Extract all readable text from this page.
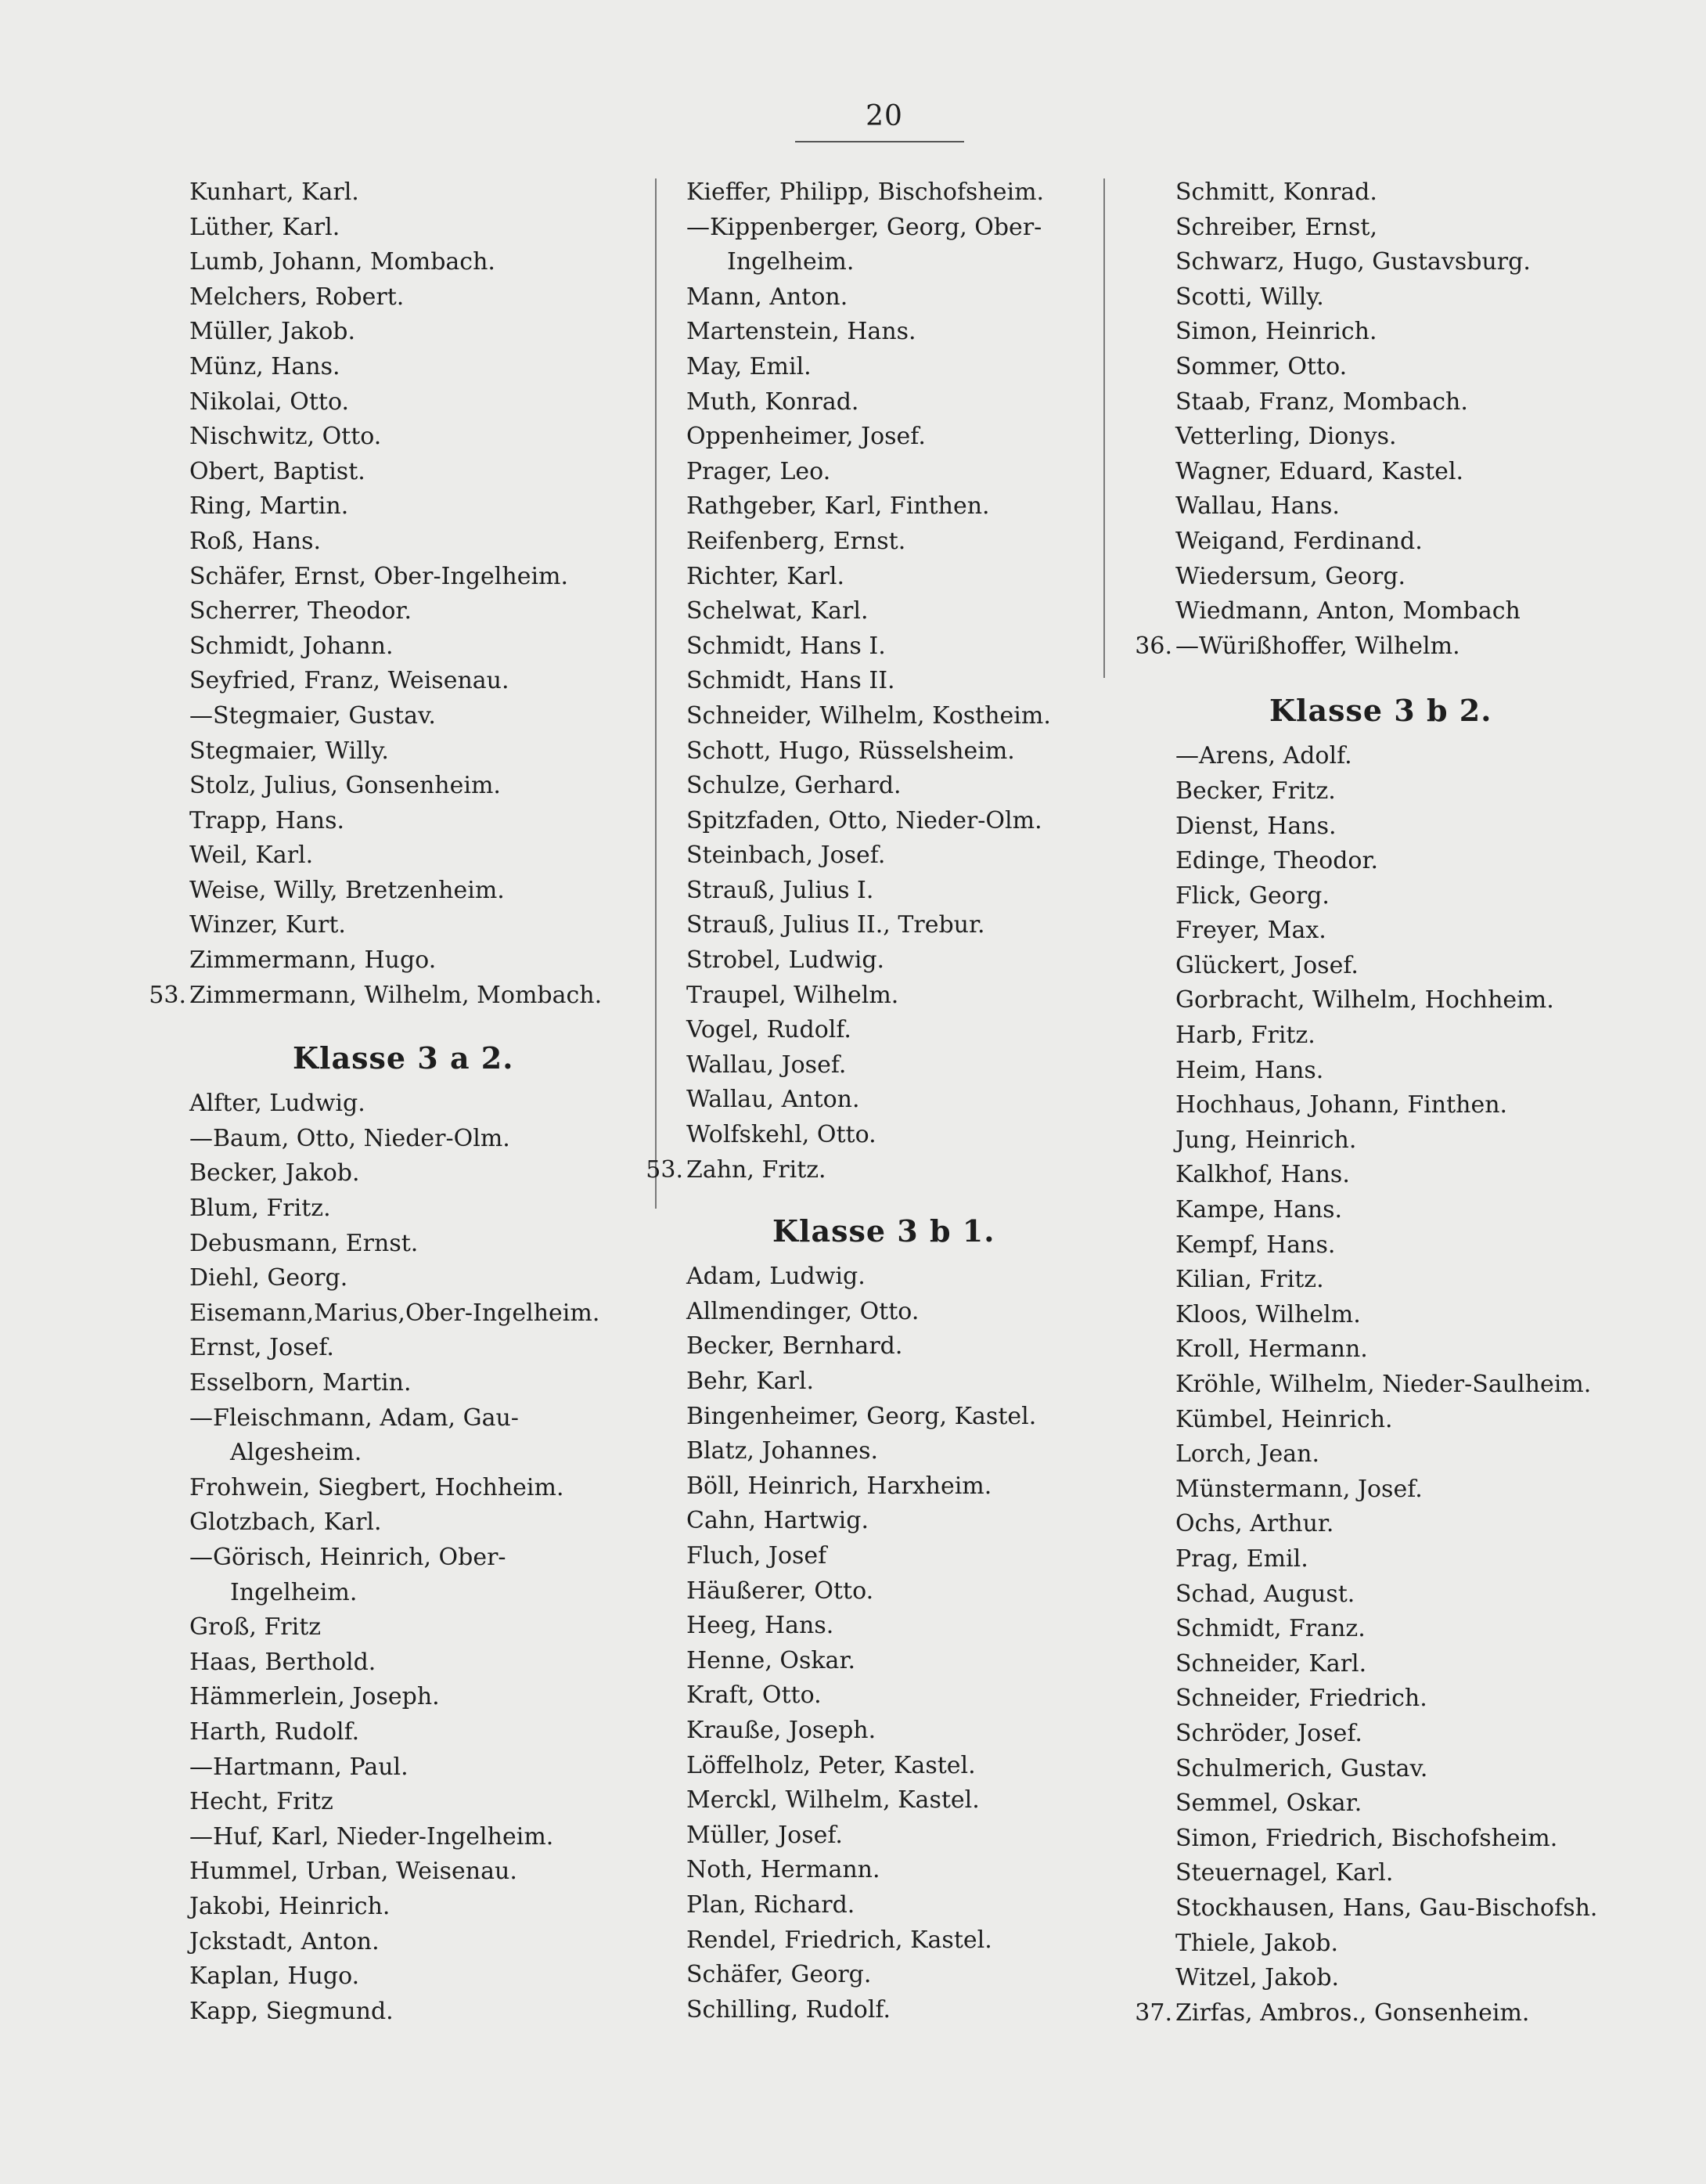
20
Kunhart, Karl.
Lüther, Karl.
Lumb, Johann, Mombach.
Melchers, Robert.
Müller, Jakob.
Münz, Hans.
Nikolai, Otto.
Nischwitz, Otto.
Obert, Baptist.
Ring, Martin.
Roß, Hans.
Schäfer, Ernst, Ober-Ingelheim.
Scherrer, Theodor.
Schmidt, Johann.
Seyfried, Franz, Weisenau.
—Stegmaier, Gustav.
Stegmaier, Willy.
Stolz, Julius, Gonsenheim.
Trapp, Hans.
Weil, Karl.
Weise, Willy, Bretzenheim.
Winzer, Kurt.
Zimmermann, Hugo.
53. Zimmermann, Wilhelm, Mombach.
Klasse 3 a 2.
Alfter, Ludwig.
—Baum, Otto, Nieder-Olm.
Becker, Jakob.
Blum, Fritz.
Debusmann, Ernst.
Diehl, Georg.
Eisemann,Marius,Ober-Ingelheim.
Ernst, Josef.
Esselborn, Martin.
—Fleischmann, Adam, Gau-
Algesheim.
Frohwein, Siegbert, Hochheim.
Glotzbach, Karl.
—Görisch, Heinrich, Ober-
Ingelheim.
Groß, Fritz
Haas, Berthold.
Hämmerlein, Joseph.
Harth, Rudolf.
—Hartmann, Paul.
Hecht, Fritz
—Huf, Karl, Nieder-Ingelheim.
Hummel, Urban, Weisenau.
Jakobi, Heinrich.
Jckstadt, Anton.
Kaplan, Hugo.
Kapp, Siegmund.
Kieffer, Philipp, Bischofsheim.
—Kippenberger, Georg, Ober-
Ingelheim.
Mann, Anton.
Martenstein, Hans.
May, Emil.
Muth, Konrad.
Oppenheimer, Josef.
Prager, Leo.
Rathgeber, Karl, Finthen.
Reifenberg, Ernst.
Richter, Karl.
Schelwat, Karl.
Schmidt, Hans I.
Schmidt, Hans II.
Schneider, Wilhelm, Kostheim.
Schott, Hugo, Rüsselsheim.
Schulze, Gerhard.
Spitzfaden, Otto, Nieder-Olm.
Steinbach, Josef.
Strauß, Julius I.
Strauß, Julius II., Trebur.
Strobel, Ludwig.
Traupel, Wilhelm.
Vogel, Rudolf.
Wallau, Josef.
Wallau, Anton.
Wolfskehl, Otto.
53. Zahn, Fritz.
Klasse 3 b 1.
Adam, Ludwig.
Allmendinger, Otto.
Becker, Bernhard.
Behr, Karl.
Bingenheimer, Georg, Kastel.
Blatz, Johannes.
Böll, Heinrich, Harxheim.
Cahn, Hartwig.
Fluch, Josef
Häußerer, Otto.
Heeg, Hans.
Henne, Oskar.
Kraft, Otto.
Krauße, Joseph.
Löffelholz, Peter, Kastel.
Merckl, Wilhelm, Kastel.
Müller, Josef.
Noth, Hermann.
Plan, Richard.
Rendel, Friedrich, Kastel.
Schäfer, Georg.
Schilling, Rudolf.
Schmitt, Konrad.
Schreiber, Ernst,
Schwarz, Hugo, Gustavsburg.
Scotti, Willy.
Simon, Heinrich.
Sommer, Otto.
Staab, Franz, Mombach.
Vetterling, Dionys.
Wagner, Eduard, Kastel.
Wallau, Hans.
Weigand, Ferdinand.
Wiedersum, Georg.
Wiedmann, Anton, Mombach
36. —Würißhoffer, Wilhelm.
Klasse 3 b 2.
—Arens, Adolf.
Becker, Fritz.
Dienst, Hans.
Edinge, Theodor.
Flick, Georg.
Freyer, Max.
Glückert, Josef.
Gorbracht, Wilhelm, Hochheim.
Harb, Fritz.
Heim, Hans.
Hochhaus, Johann, Finthen.
Jung, Heinrich.
Kalkhof, Hans.
Kampe, Hans.
Kempf, Hans.
Kilian, Fritz.
Kloos, Wilhelm.
Kroll, Hermann.
Kröhle, Wilhelm, Nieder-Saulheim.
Kümbel, Heinrich.
Lorch, Jean.
Münstermann, Josef.
Ochs, Arthur.
Prag, Emil.
Schad, August.
Schmidt, Franz.
Schneider, Karl.
Schneider, Friedrich.
Schröder, Josef.
Schulmerich, Gustav.
Semmel, Oskar.
Simon, Friedrich, Bischofsheim.
Steuernagel, Karl.
Stockhausen, Hans, Gau-Bischofsh.
Thiele, Jakob.
Witzel, Jakob.
37. Zirfas, Ambros., Gonsenheim.
